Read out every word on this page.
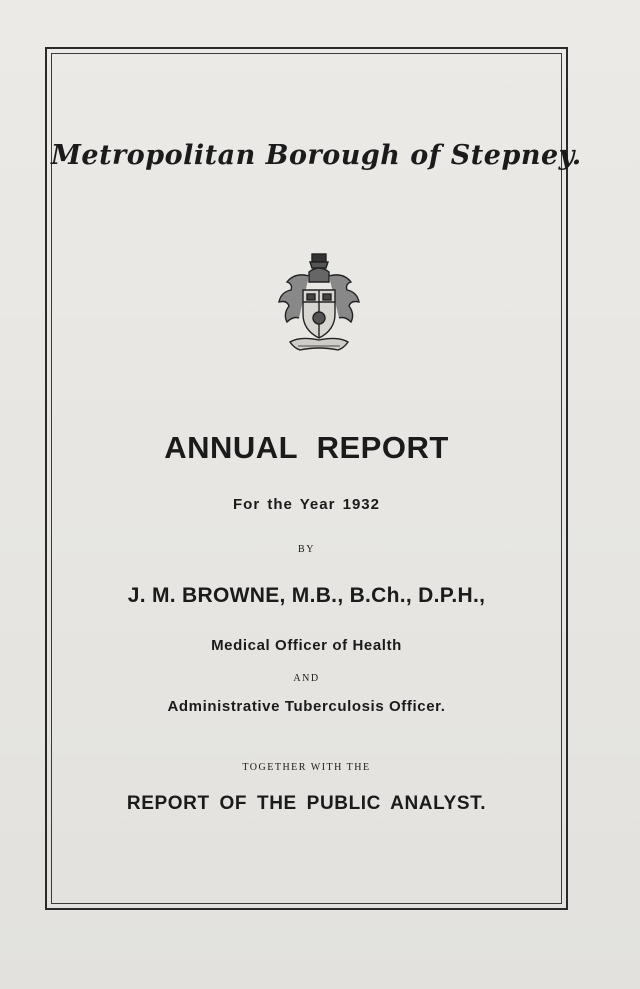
Metropolitan Borough of Stepney.
ANNUAL REPORT
For the Year 1932
BY
J. M. BROWNE, M.B., B.Ch., D.P.H.,
Medical Officer of Health
AND
Administrative Tuberculosis Officer.
TOGETHER WITH THE
REPORT OF THE PUBLIC ANALYST.
